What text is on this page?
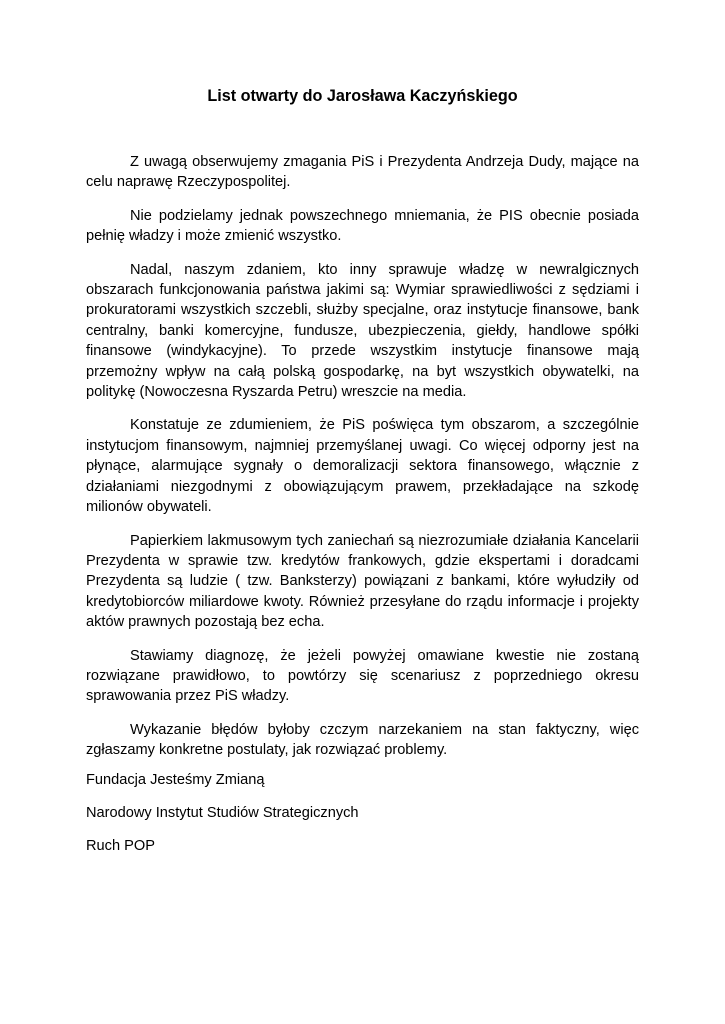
List otwarty do Jarosława Kaczyńskiego

Z uwagą obserwujemy zmagania PiS i Prezydenta Andrzeja Dudy, mające na celu naprawę Rzeczypospolitej.

Nie podzielamy jednak powszechnego mniemania, że PIS obecnie posiada pełnię władzy i może zmienić wszystko.

Nadal, naszym zdaniem, kto inny sprawuje władzę w newralgicznych obszarach funkcjonowania państwa jakimi są: Wymiar sprawiedliwości z sędziami i prokuratorami wszystkich szczebli, służby specjalne, oraz instytucje finansowe, bank centralny, banki komercyjne, fundusze, ubezpieczenia, giełdy, handlowe spółki finansowe (windykacyjne). To przede wszystkim instytucje finansowe mają przemożny wpływ na całą polską gospodarkę, na byt wszystkich obywatelki, na politykę (Nowoczesna Ryszarda Petru) wreszcie na media.

Konstatuje ze zdumieniem, że PiS poświęca tym obszarom, a szczególnie instytucjom finansowym, najmniej przemyślanej uwagi. Co więcej odporny jest na płynące, alarmujące sygnały o demoralizacji sektora finansowego, włącznie z działaniami niezgodnymi z obowiązującym prawem, przekładające na szkodę milionów obywateli.

Papierkiem lakmusowym tych zaniechań są niezrozumiałe działania Kancelarii Prezydenta w sprawie tzw. kredytów frankowych, gdzie ekspertami i doradcami Prezydenta są ludzie ( tzw. Banksterzy) powiązani z bankami, które wyłudziły od kredytobiorców miliardowe kwoty. Również przesyłane do rządu informacje i projekty aktów prawnych pozostają bez echa.

Stawiamy diagnozę, że jeżeli powyżej omawiane kwestie nie zostaną rozwiązane prawidłowo, to powtórzy się scenariusz z poprzedniego okresu sprawowania przez PiS władzy.

Wykazanie błędów byłoby czczym narzekaniem na stan faktyczny, więc zgłaszamy konkretne postulaty, jak rozwiązać problemy.

Fundacja Jesteśmy Zmianą
Narodowy Instytut Studiów Strategicznych
Ruch POP
